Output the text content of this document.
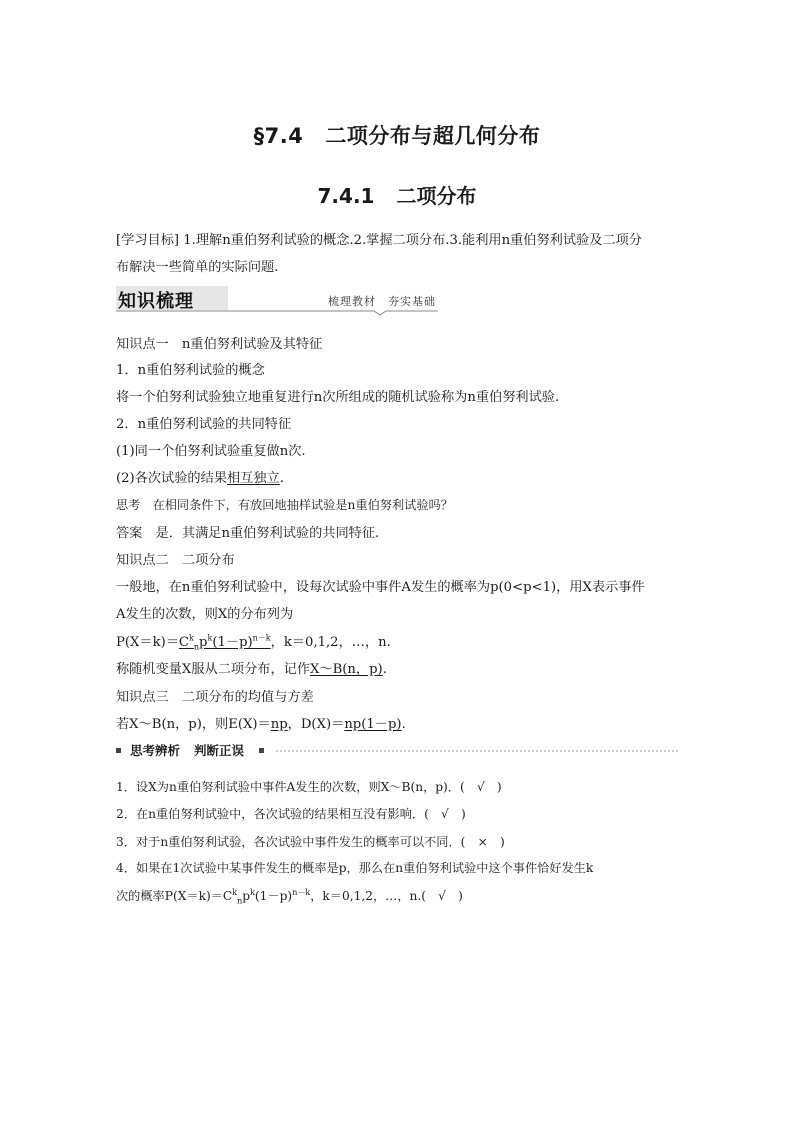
§7.4 二项分布与超几何分布
7.4.1 二项分布
[学习目标] 1.理解n重伯努利试验的概念.2.掌握二项分布.3.能利用n重伯努利试验及二项分
布解决一些简单的实际问题.
知识梳理	梳理教材　夯实基础
知识点一　n重伯努利试验及其特征
1．n重伯努利试验的概念
将一个伯努利试验独立地重复进行n次所组成的随机试验称为n重伯努利试验.
2．n重伯努利试验的共同特征
(1)同一个伯努利试验重复做n次.
(2)各次试验的结果相互独立.
思考　 在相同条件下，有放回地抽样试验是n重伯努利试验吗？
答案　 是．其满足n重伯努利试验的共同特征.
知识点二　二项分布
一般地，在n重伯努利试验中，设每次试验中事件A发生的概率为p(0<p<1)，用X表示事件
A发生的次数，则X的分布列为
$P(X=k)=C^k_np^k(1-p)^{n-k}$，k＝0,1,2，…，n.
称随机变量X服从二项分布，记作X～B(n，p).
知识点三　二项分布的均值与方差
若X～B(n，p)，则E(X)＝np，D(X)＝np(1－p).
思考辨析 判断正误
1．设X为n重伯努利试验中事件A发生的次数，则X～B(n，p)．(　√　)
2．在n重伯努利试验中，各次试验的结果相互没有影响．(　√　)
3．对于n重伯努利试验，各次试验中事件发生的概率可以不同．(　×　)
4．如果在1次试验中某事件发生的概率是p，那么在n重伯努利试验中这个事件恰好发生k
次的概率$P(X=k)=C^k_np^k(1-p)^{n-k}$，k＝0,1,2，…，n.(　√　)
